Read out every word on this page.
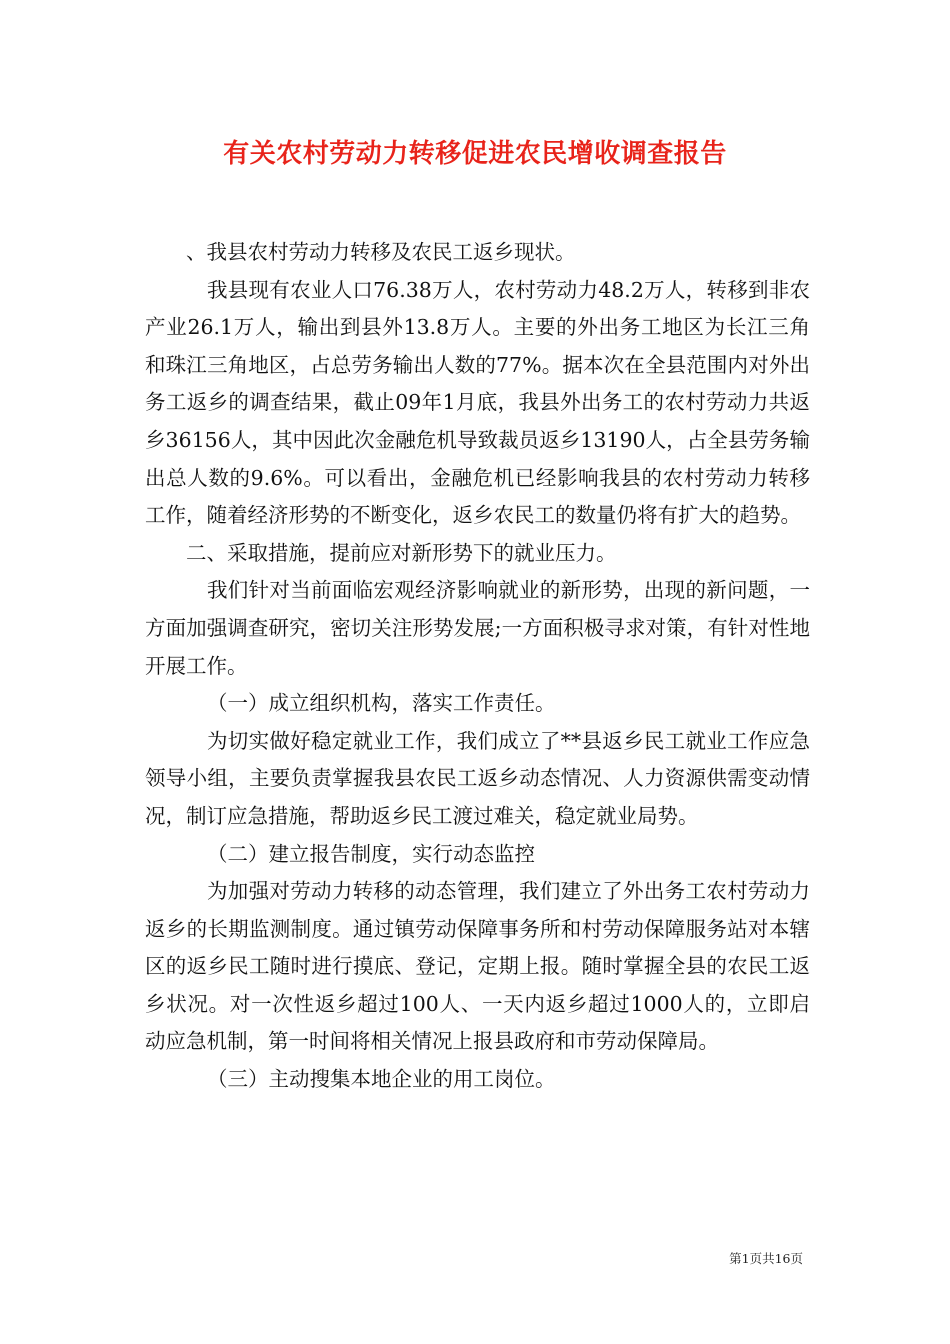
有关农村劳动力转移促进农民增收调查报告

、我县农村劳动力转移及农民工返乡现状。

我县现有农业人口76.38万人，农村劳动力48.2万人，转移到非农产业26.1万人，输出到县外13.8万人。主要的外出务工地区为长江三角和珠江三角地区，占总劳务输出人数的77%。据本次在全县范围内对外出务工返乡的调查结果，截止09年1月底，我县外出务工的农村劳动力共返乡36156人，其中因此次金融危机导致裁员返乡13190人，占全县劳务输出总人数的9.6%。可以看出，金融危机已经影响我县的农村劳动力转移工作，随着经济形势的不断变化，返乡农民工的数量仍将有扩大的趋势。

二、采取措施，提前应对新形势下的就业压力。

我们针对当前面临宏观经济影响就业的新形势，出现的新问题，一方面加强调查研究，密切关注形势发展;一方面积极寻求对策，有针对性地开展工作。

（一）成立组织机构，落实工作责任。

为切实做好稳定就业工作，我们成立了**县返乡民工就业工作应急领导小组，主要负责掌握我县农民工返乡动态情况、人力资源供需变动情况，制订应急措施，帮助返乡民工渡过难关，稳定就业局势。

（二）建立报告制度，实行动态监控

为加强对劳动力转移的动态管理，我们建立了外出务工农村劳动力返乡的长期监测制度。通过镇劳动保障事务所和村劳动保障服务站对本辖区的返乡民工随时进行摸底、登记，定期上报。随时掌握全县的农民工返乡状况。对一次性返乡超过100人、一天内返乡超过1000人的，立即启动应急机制，第一时间将相关情况上报县政府和市劳动保障局。

（三）主动搜集本地企业的用工岗位。

第1页共16页
